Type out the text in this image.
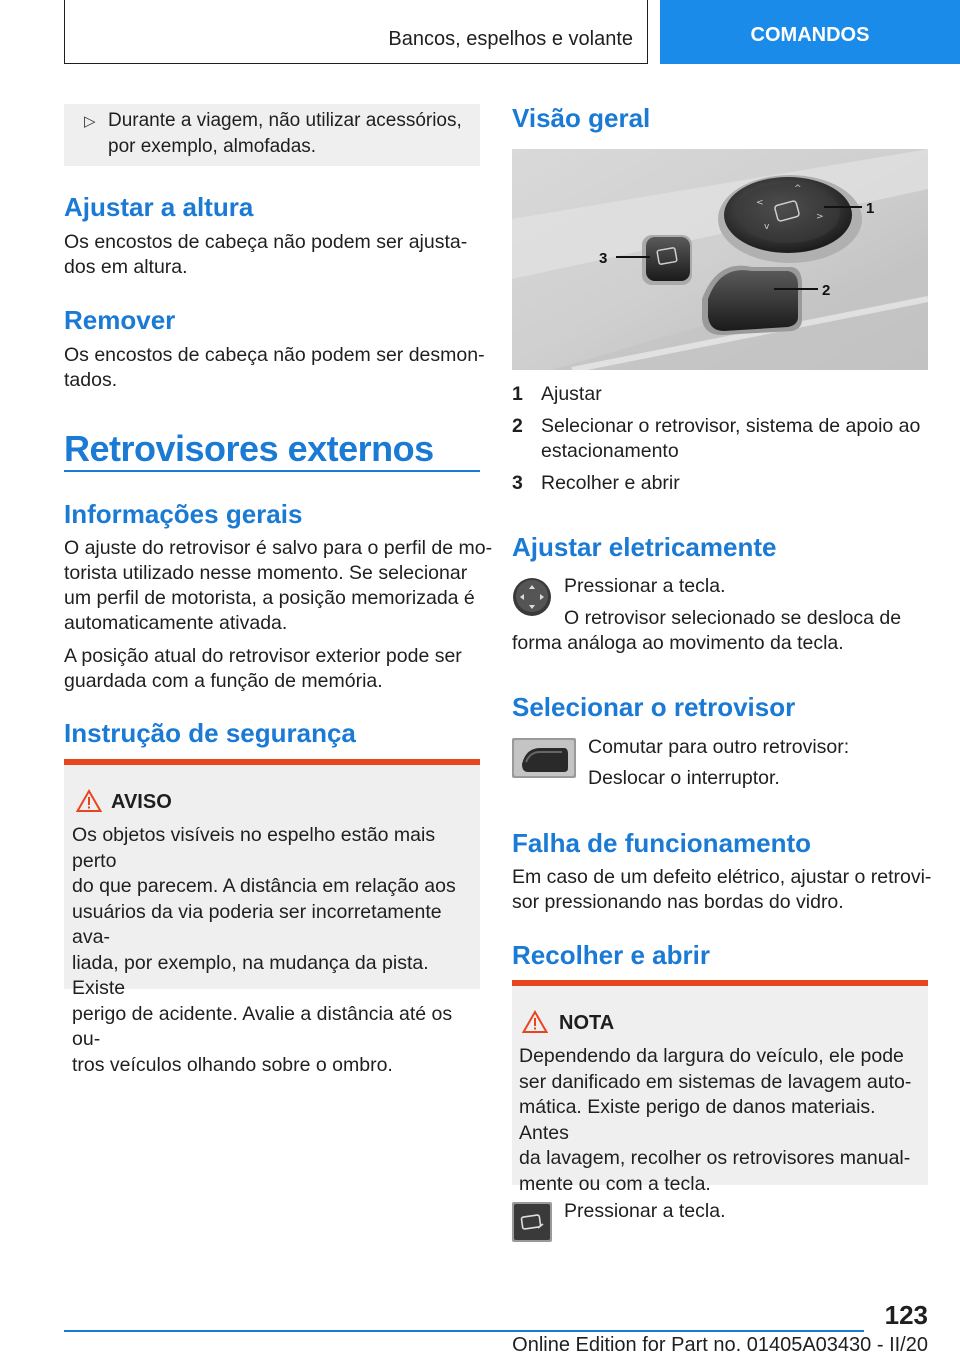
Bancos, espelhos e volante	COMANDOS
▷ Durante a viagem, não utilizar acessórios,
por exemplo, almofadas.
Ajustar a altura
Os encostos de cabeça não podem ser ajusta-
dos em altura.
Remover
Os encostos de cabeça não podem ser desmon-
tados.
Retrovisores externos
Informações gerais
O ajuste do retrovisor é salvo para o perfil de mo-
torista utilizado nesse momento. Se selecionar
um perfil de motorista, a posição memorizada é
automaticamente ativada.
A posição atual do retrovisor exterior pode ser
guardada com a função de memória.
Instrução de segurança
AVISO
Os objetos visíveis no espelho estão mais perto
do que parecem. A distância em relação aos
usuários da via poderia ser incorretamente ava-
liada, por exemplo, na mudança da pista. Existe
perigo de acidente. Avalie a distância até os ou-
tros veículos olhando sobre o ombro.
Visão geral
<
>
^
v
1
3
2
1 Ajustar
2 Selecionar o retrovisor, sistema de apoio ao
estacionamento
3 Recolher e abrir
Ajustar eletricamente
Pressionar a tecla.
O retrovisor selecionado se desloca de
forma análoga ao movimento da tecla.
Selecionar o retrovisor
Comutar para outro retrovisor:
Deslocar o interruptor.
Falha de funcionamento
Em caso de um defeito elétrico, ajustar o retrovi-
sor pressionando nas bordas do vidro.
Recolher e abrir
NOTA
Dependendo da largura do veículo, ele pode
ser danificado em sistemas de lavagem auto-
mática. Existe perigo de danos materiais. Antes
da lavagem, recolher os retrovisores manual-
mente ou com a tecla.
Pressionar a tecla.
123
Online Edition for Part no. 01405A03430 - II/20
